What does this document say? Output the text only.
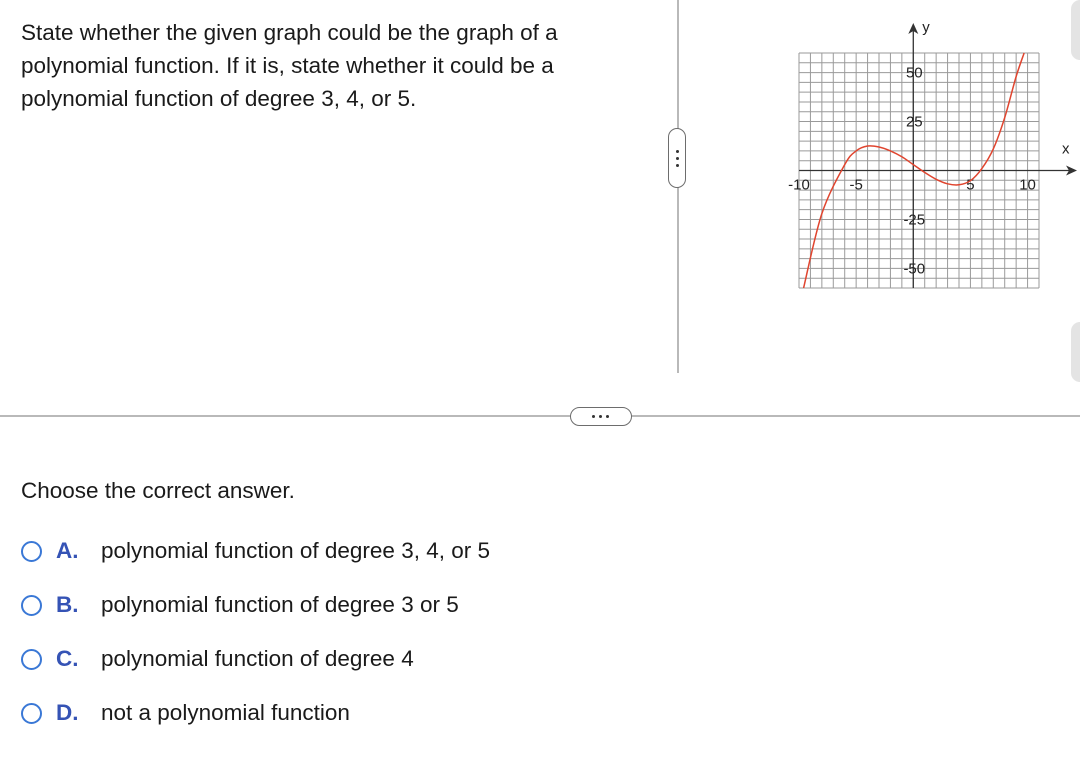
State whether the given graph could be the graph of a polynomial function. If it is, state whether it could be a polynomial function of degree 3, 4, or 5.

x
y
-10	-5	5	10
50
25
-25
-50

Choose the correct answer.

A.	polynomial function of degree 3, 4, or 5
B.	polynomial function of degree 3 or 5
C.	polynomial function of degree 4
D.	not a polynomial function
